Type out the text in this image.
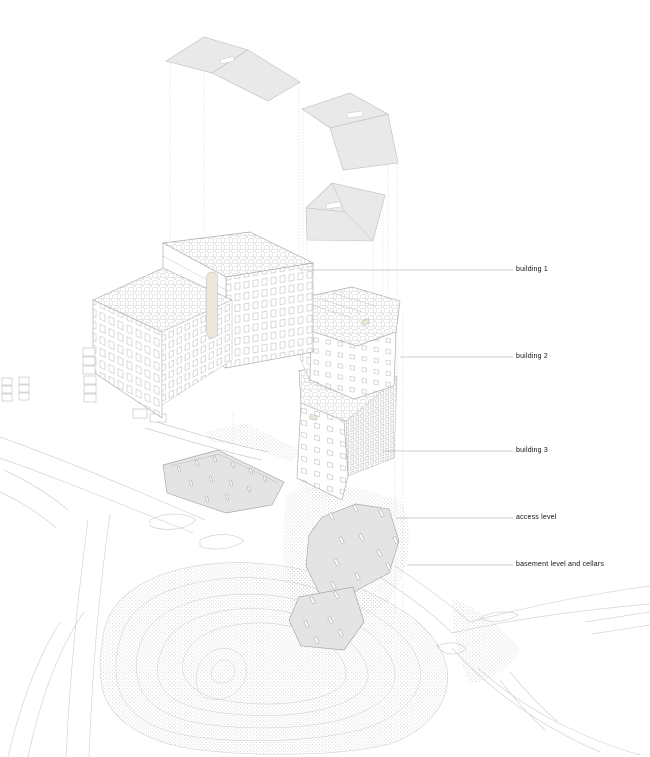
building 1
building 2
building 3
access level
basement level and cellars
